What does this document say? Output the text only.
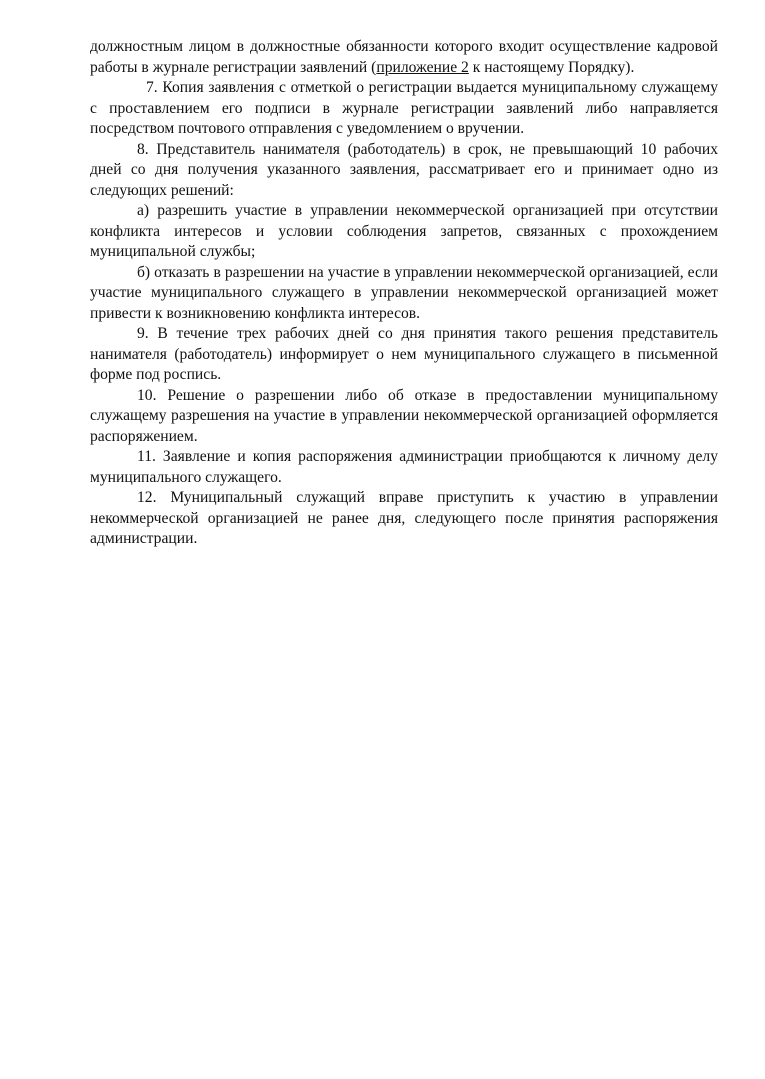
должностным лицом в должностные обязанности которого входит осуществление кадровой работы в журнале регистрации заявлений (приложение 2 к настоящему Порядку).

7. Копия заявления с отметкой о регистрации выдается муниципальному служащему с проставлением его подписи в журнале регистрации заявлений либо направляется посредством почтового отправления с уведомлением о вручении.

8. Представитель нанимателя (работодатель) в срок, не превышающий 10 рабочих дней со дня получения указанного заявления, рассматривает его и принимает одно из следующих решений:

а) разрешить участие в управлении некоммерческой организацией при отсутствии конфликта интересов и условии соблюдения запретов, связанных с прохождением муниципальной службы;

б) отказать в разрешении на участие в управлении некоммерческой организацией, если участие муниципального служащего в управлении некоммерческой организацией может привести к возникновению конфликта интересов.

9. В течение трех рабочих дней со дня принятия такого решения представитель нанимателя (работодатель) информирует о нем муниципального служащего в письменной форме под роспись.

10. Решение о разрешении либо об отказе в предоставлении муниципальному служащему разрешения на участие в управлении некоммерческой организацией оформляется распоряжением.

11. Заявление и копия распоряжения администрации приобщаются к личному делу муниципального служащего.

12. Муниципальный служащий вправе приступить к участию в управлении некоммерческой организацией не ранее дня, следующего после принятия распоряжения администрации.
